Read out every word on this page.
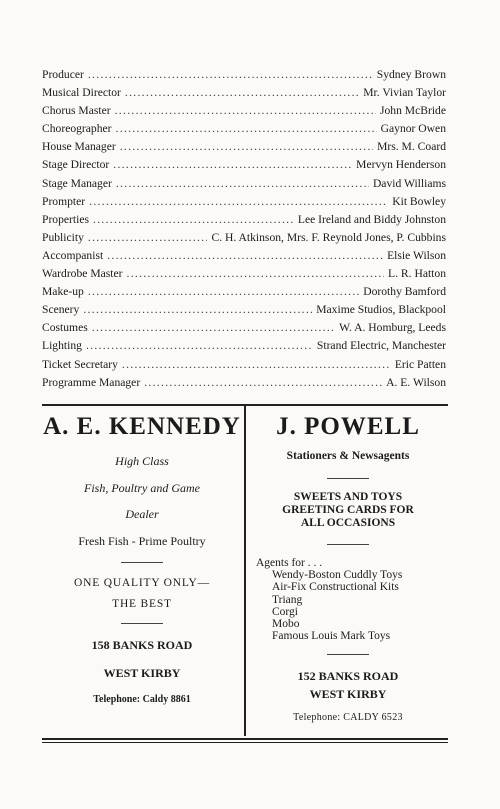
Producer .....	Sydney Brown
Musical Director .....	Mr. Vivian Taylor
Chorus Master .....	John McBride
Choreographer .....	Gaynor Owen
House Manager .....	Mrs. M. Coard
Stage Director .....	Mervyn Henderson
Stage Manager .....	David Williams
Prompter .....	Kit Bowley
Properties .....	Lee Ireland and Biddy Johnston
Publicity .....	C. H. Atkinson, Mrs. F. Reynold Jones, P. Cubbins
Accompanist .....	Elsie Wilson
Wardrobe Master .....	L. R. Hatton
Make-up .....	Dorothy Bamford
Scenery .....	Maxime Studios, Blackpool
Costumes .....	W. A. Homburg, Leeds
Lighting .....	Strand Electric, Manchester
Ticket Secretary .....	Eric Patten
Programme Manager .....	A. E. Wilson
A. E. KENNEDY
High Class
Fish, Poultry and Game
Dealer
Fresh Fish - Prime Poultry
ONE QUALITY ONLY—
THE BEST
158 BANKS ROAD
WEST KIRBY
Telephone: Caldy 8861
J. POWELL
Stationers & Newsagents
SWEETS AND TOYS
GREETING CARDS FOR
ALL OCCASIONS
Agents for . . .
Wendy-Boston Cuddly Toys
Air-Fix Constructional Kits
Triang
Corgi
Mobo
Famous Louis Mark Toys
152 BANKS ROAD
WEST KIRBY
Telephone: CALDY 6523
